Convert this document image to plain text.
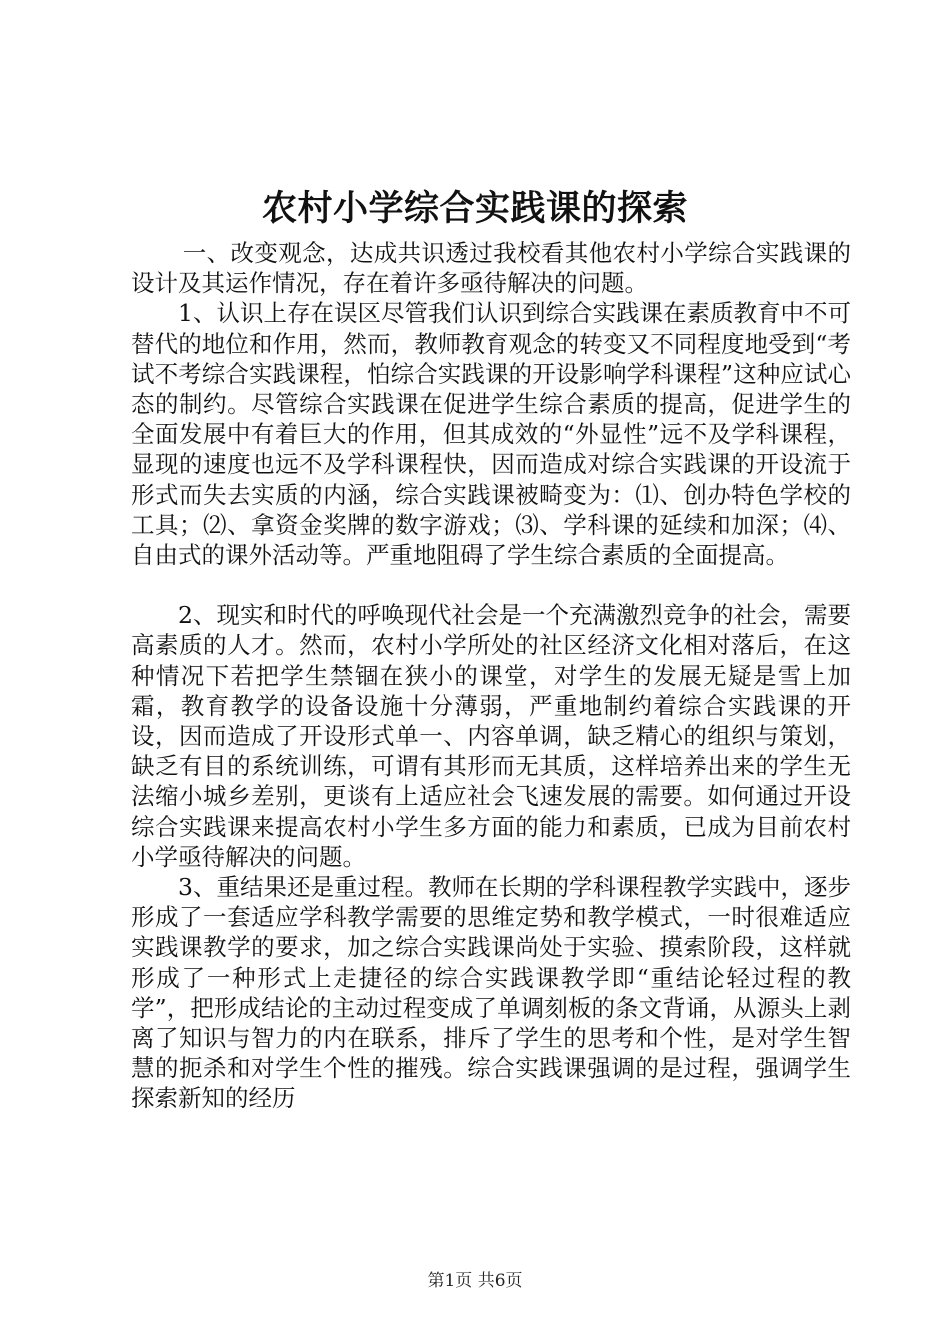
农村小学综合实践课的探索

一、改变观念，达成共识透过我校看其他农村小学综合实践课的设计及其运作情况，存在着许多亟待解决的问题。

1、认识上存在误区尽管我们认识到综合实践课在素质教育中不可替代的地位和作用，然而，教师教育观念的转变又不同程度地受到“考试不考综合实践课程，怕综合实践课的开设影响学科课程”这种应试心态的制约。尽管综合实践课在促进学生综合素质的提高，促进学生的全面发展中有着巨大的作用，但其成效的“外显性”远不及学科课程，显现的速度也远不及学科课程快，因而造成对综合实践课的开设流于形式而失去实质的内涵，综合实践课被畸变为：⑴、创办特色学校的工具；⑵、拿资金奖牌的数字游戏；⑶、学科课的延续和加深；⑷、自由式的课外活动等。严重地阻碍了学生综合素质的全面提高。

2、现实和时代的呼唤现代社会是一个充满激烈竞争的社会，需要高素质的人才。然而，农村小学所处的社区经济文化相对落后，在这种情况下若把学生禁锢在狭小的课堂，对学生的发展无疑是雪上加霜，教育教学的设备设施十分薄弱，严重地制约着综合实践课的开设，因而造成了开设形式单一、内容单调，缺乏精心的组织与策划，缺乏有目的系统训练，可谓有其形而无其质，这样培养出来的学生无法缩小城乡差别，更谈有上适应社会飞速发展的需要。如何通过开设综合实践课来提高农村小学生多方面的能力和素质，已成为目前农村小学亟待解决的问题。

3、重结果还是重过程。教师在长期的学科课程教学实践中，逐步形成了一套适应学科教学需要的思维定势和教学模式，一时很难适应实践课教学的要求，加之综合实践课尚处于实验、摸索阶段，这样就形成了一种形式上走捷径的综合实践课教学即“重结论轻过程的教学”，把形成结论的主动过程变成了单调刻板的条文背诵，从源头上剥离了知识与智力的内在联系，排斥了学生的思考和个性，是对学生智慧的扼杀和对学生个性的摧残。综合实践课强调的是过程，强调学生探索新知的经历

第1页 共6页
